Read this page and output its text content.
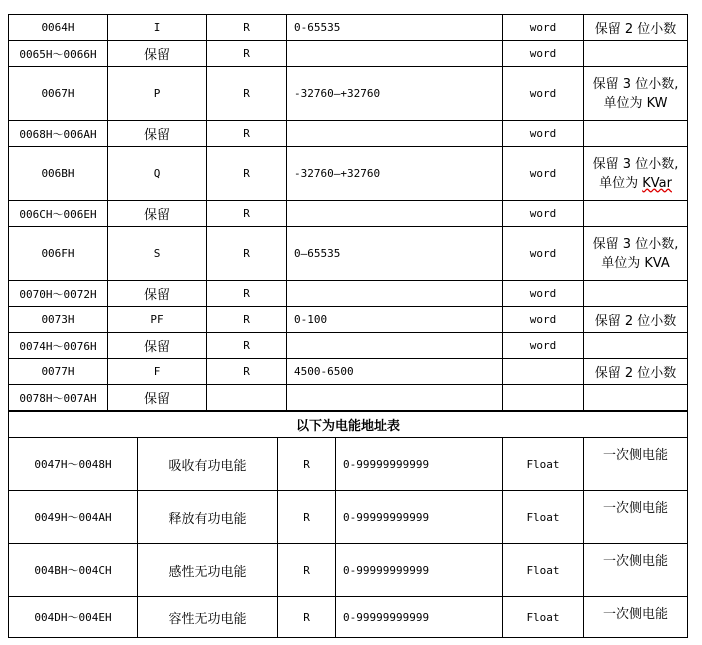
0064H	I	R	0-65535	word	保留 2 位小数
0065H～0066H	保留	R		word	
0067H	P	R	-32760—+32760	word	保留 3 位小数,
单位为 KW

0068H～006AH	保留	R		word	
006BH	Q	R	-32760—+32760	word	保留 3 位小数,
单位为 KVar

006CH～006EH	保留	R		word	
006FH	S	R	0—65535	word	保留 3 位小数,
单位为 KVA

0070H～0072H	保留	R		word	
0073H	PF	R	0-100	word	保留 2 位小数
0074H～0076H	保留	R		word	
0077H	F	R	4500-6500		保留 2 位小数
0078H～007AH	保留				
以下为电能地址表					
0047H～0048H	吸收有功电能	R	0-99999999999	Float	一次侧电能
0049H～004AH	释放有功电能	R	0-99999999999	Float	一次侧电能
004BH～004CH	感性无功电能	R	0-99999999999	Float	一次侧电能
004DH～004EH	容性无功电能	R	0-99999999999	Float	一次侧电能
